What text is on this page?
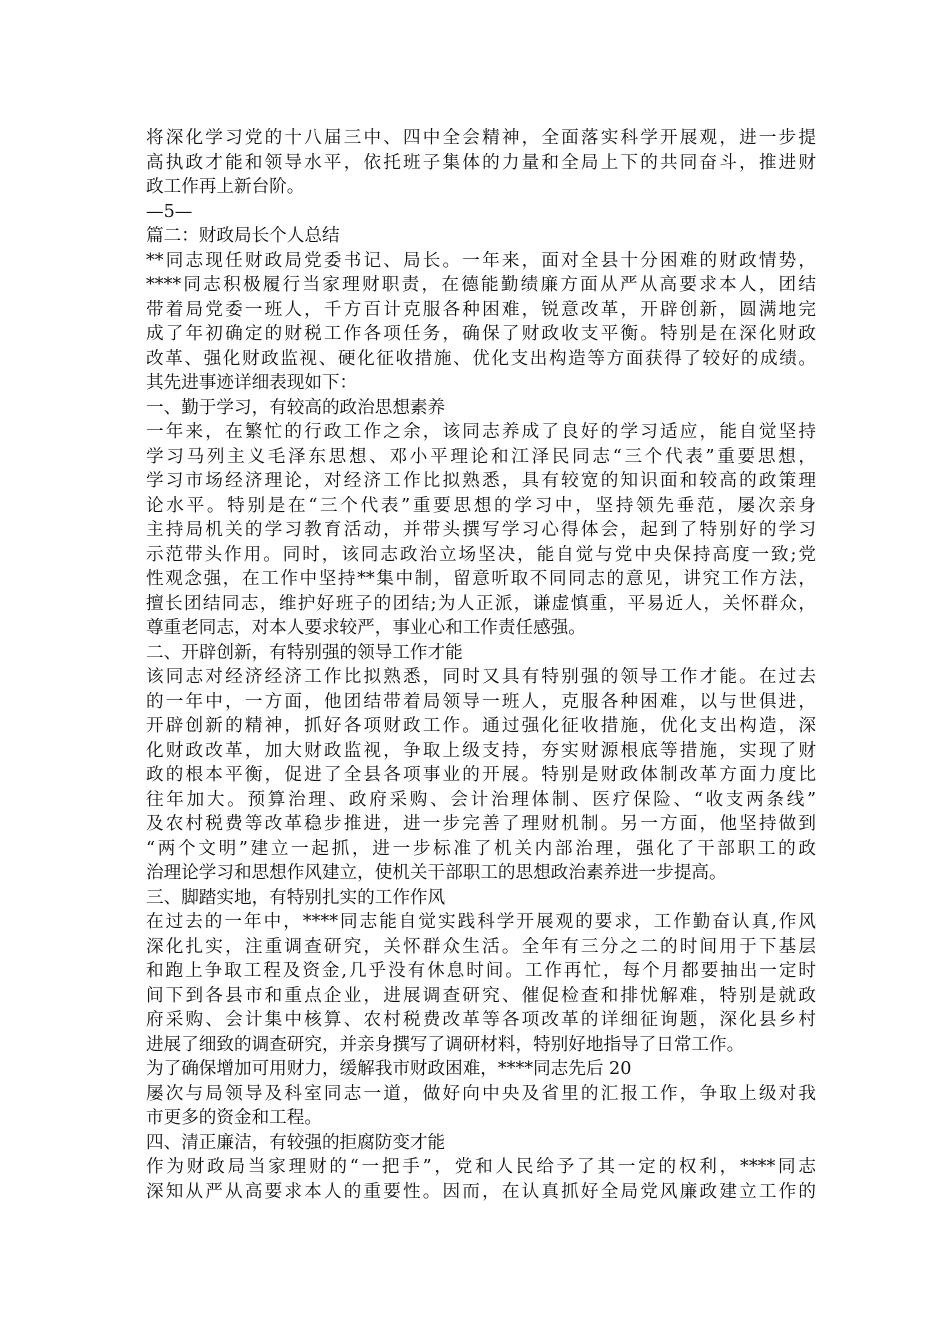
将深化学习党的十八届三中、四中全会精神，全面落实科学开展观，进一步提
高执政才能和领导水平，依托班子集体的力量和全局上下的共同奋斗，推进财
政工作再上新台阶。
—5—
篇二：财政局长个人总结
**同志现任财政局党委书记、局长。一年来，面对全县十分困难的财政情势，
****同志积极履行当家理财职责，在德能勤绩廉方面从严从高要求本人，团结
带着局党委一班人，千方百计克服各种困难，锐意改革，开辟创新，圆满地完
成了年初确定的财税工作各项任务，确保了财政收支平衡。特别是在深化财政
改革、强化财政监视、硬化征收措施、优化支出构造等方面获得了较好的成绩。
其先进事迹详细表现如下：
一、勤于学习，有较高的政治思想素养
一年来，在繁忙的行政工作之余，该同志养成了良好的学习适应，能自觉坚持
学习马列主义毛泽东思想、邓小平理论和江泽民同志“三个代表”重要思想，
学习市场经济理论，对经济工作比拟熟悉，具有较宽的知识面和较高的政策理
论水平。特别是在“三个代表”重要思想的学习中，坚持领先垂范，屡次亲身
主持局机关的学习教育活动，并带头撰写学习心得体会，起到了特别好的学习
示范带头作用。同时，该同志政治立场坚决，能自觉与党中央保持高度一致;党
性观念强，在工作中坚持**集中制，留意听取不同同志的意见，讲究工作方法，
擅长团结同志，维护好班子的团结;为人正派，谦虚慎重，平易近人，关怀群众，
尊重老同志，对本人要求较严，事业心和工作责任感强。
二、开辟创新，有特别强的领导工作才能
该同志对经济经济工作比拟熟悉，同时又具有特别强的领导工作才能。在过去
的一年中，一方面，他团结带着局领导一班人，克服各种困难，以与世俱进，
开辟创新的精神，抓好各项财政工作。通过强化征收措施，优化支出构造，深
化财政改革，加大财政监视，争取上级支持，夯实财源根底等措施，实现了财
政的根本平衡，促进了全县各项事业的开展。特别是财政体制改革方面力度比
往年加大。预算治理、政府采购、会计治理体制、医疗保险、“收支两条线”
及农村税费等改革稳步推进，进一步完善了理财机制。另一方面，他坚持做到
“两个文明”建立一起抓，进一步标准了机关内部治理，强化了干部职工的政
治理论学习和思想作风建立，使机关干部职工的思想政治素养进一步提高。
三、脚踏实地，有特别扎实的工作作风
在过去的一年中，****同志能自觉实践科学开展观的要求，工作勤奋认真,作风
深化扎实，注重调查研究，关怀群众生活。全年有三分之二的时间用于下基层
和跑上争取工程及资金,几乎没有休息时间。工作再忙，每个月都要抽出一定时
间下到各县市和重点企业，进展调查研究、催促检查和排忧解难，特别是就政
府采购、会计集中核算、农村税费改革等各项改革的详细征询题，深化县乡村
进展了细致的调查研究，并亲身撰写了调研材料，特别好地指导了日常工作。
为了确保增加可用财力，缓解我市财政困难，****同志先后 20
屡次与局领导及科室同志一道，做好向中央及省里的汇报工作，争取上级对我
市更多的资金和工程。
四、清正廉洁，有较强的拒腐防变才能
作为财政局当家理财的“一把手”，党和人民给予了其一定的权利，****同志
深知从严从高要求本人的重要性。因而，在认真抓好全局党风廉政建立工作的
